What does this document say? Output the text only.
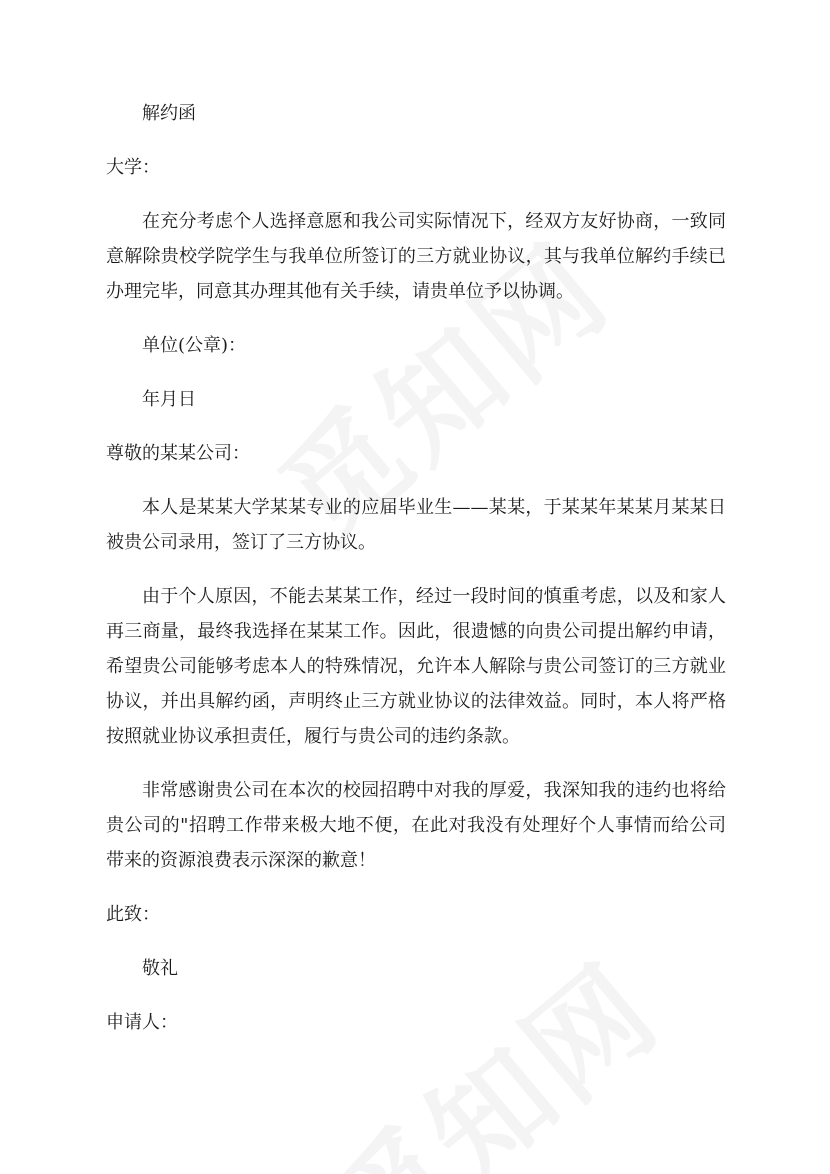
解约函

大学：

在充分考虑个人选择意愿和我公司实际情况下，经双方友好协商，一致同意解除贵校学院学生与我单位所签订的三方就业协议，其与我单位解约手续已办理完毕，同意其办理其他有关手续，请贵单位予以协调。

单位(公章)：

年月日

尊敬的某某公司：

本人是某某大学某某专业的应届毕业生——某某，于某某年某某月某某日被贵公司录用，签订了三方协议。

由于个人原因，不能去某某工作，经过一段时间的慎重考虑，以及和家人再三商量，最终我选择在某某工作。因此，很遗憾的向贵公司提出解约申请，希望贵公司能够考虑本人的特殊情况，允许本人解除与贵公司签订的三方就业协议，并出具解约函，声明终止三方就业协议的法律效益。同时，本人将严格按照就业协议承担责任，履行与贵公司的违约条款。

非常感谢贵公司在本次的校园招聘中对我的厚爱，我深知我的违约也将给贵公司的"招聘工作带来极大地不便，在此对我没有处理好个人事情而给公司带来的资源浪费表示深深的歉意！

此致：

敬礼

申请人：
